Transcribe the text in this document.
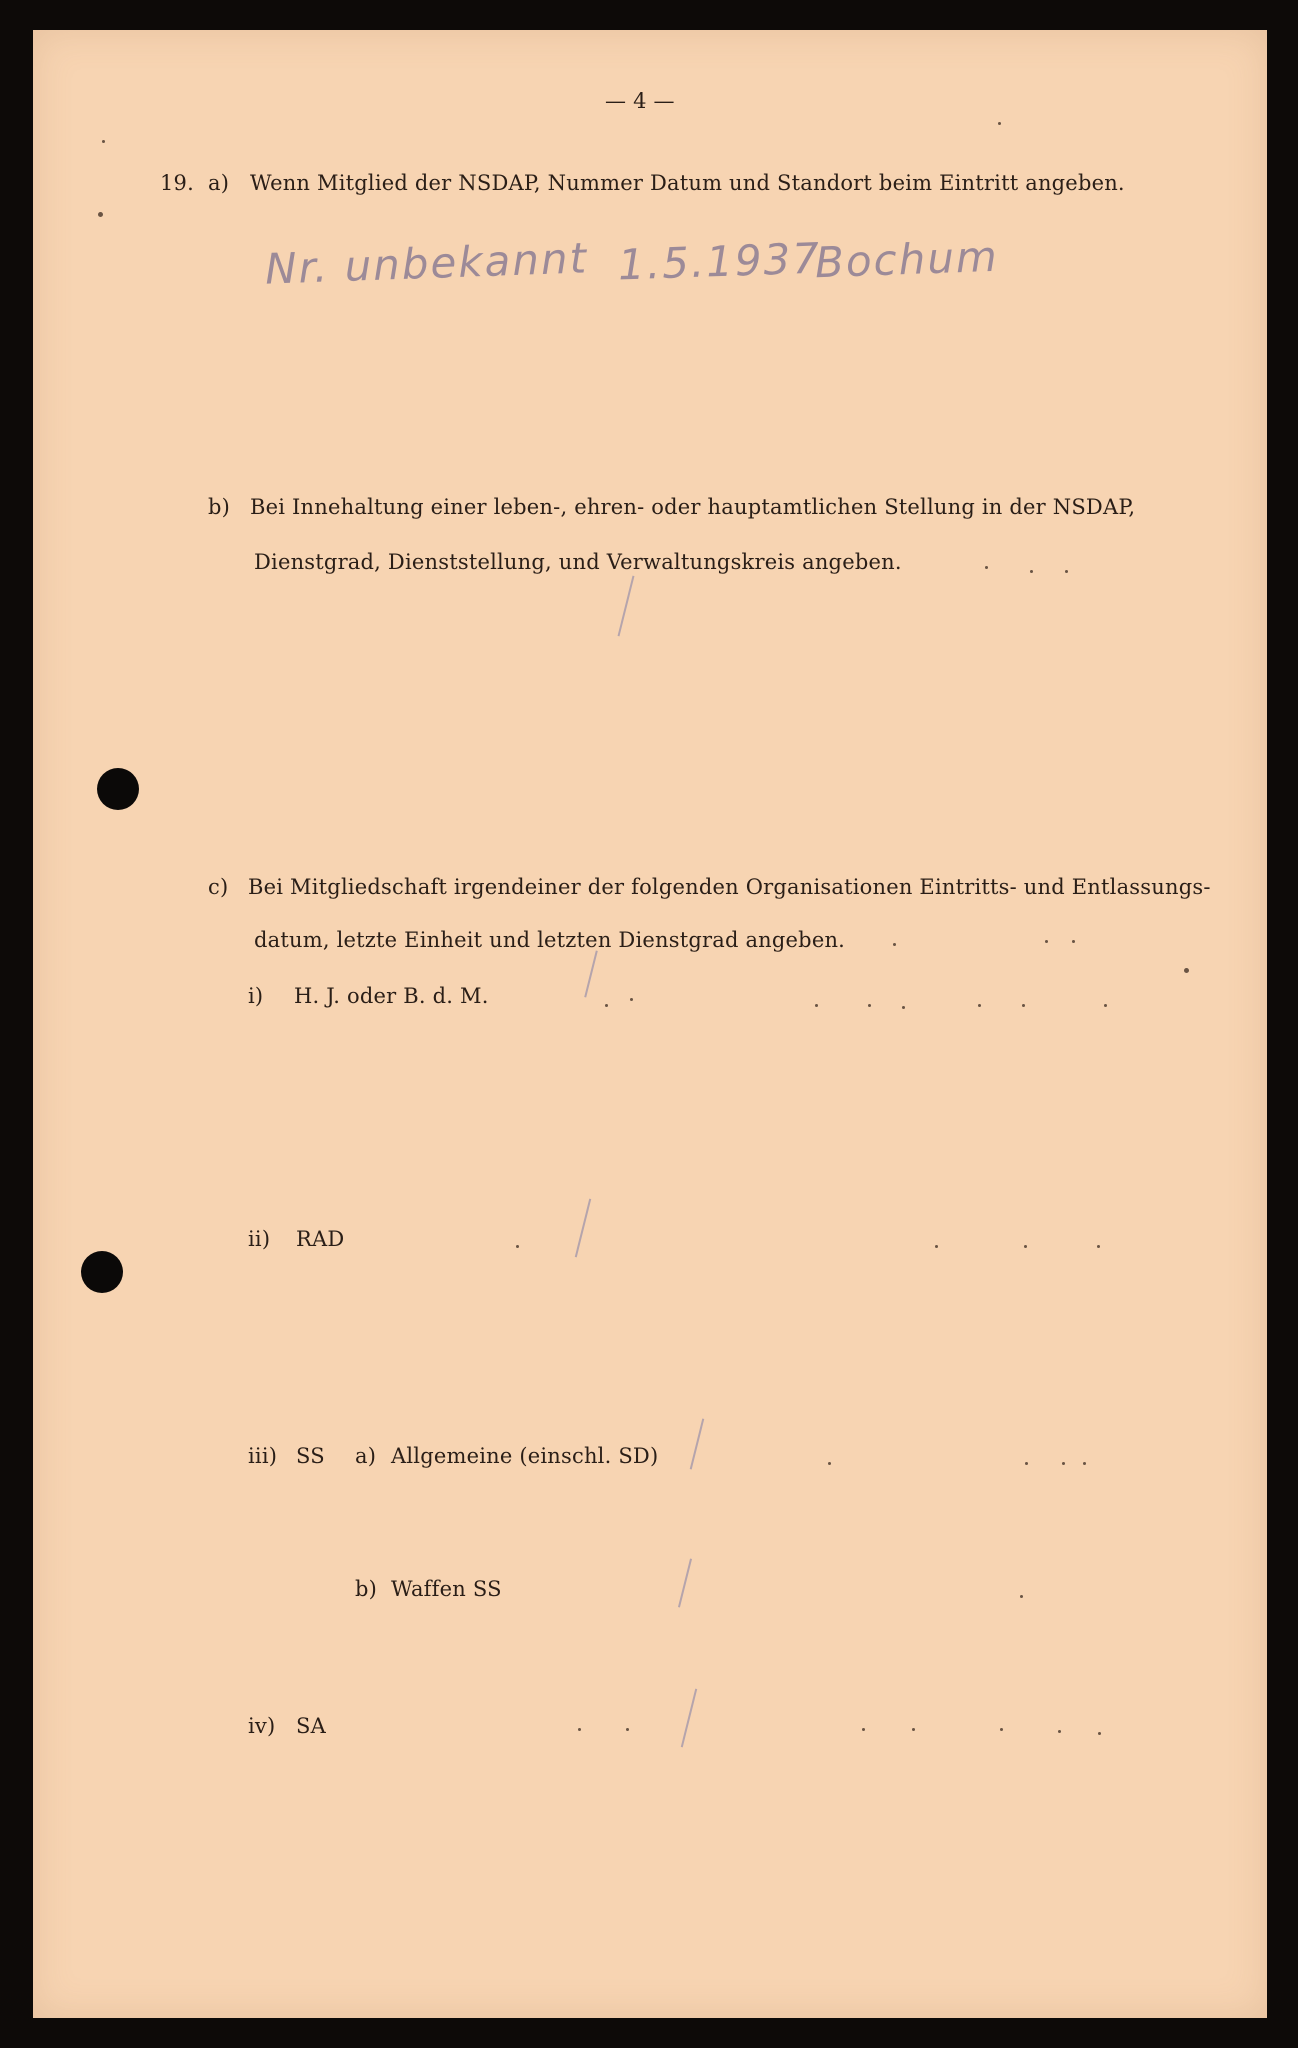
— 4 —
19. a) Wenn Mitglied der NSDAP, Nummer Datum und Standort beim Eintritt angeben.
Nr. unbekannt 1.5.1937
Bochum
b) Bei Innehaltung einer leben-, ehren- oder hauptamtlichen Stellung in der NSDAP,
Dienstgrad, Dienststellung, und Verwaltungskreis angeben.
c) Bei Mitgliedschaft irgendeiner der folgenden Organisationen Eintritts- und Entlassungs-
datum, letzte Einheit und letzten Dienstgrad angeben.
i) H. J. oder B. d. M.
ii) RAD
iii) SS a) Allgemeine (einschl. SD)
b) Waffen SS
iv) SA
